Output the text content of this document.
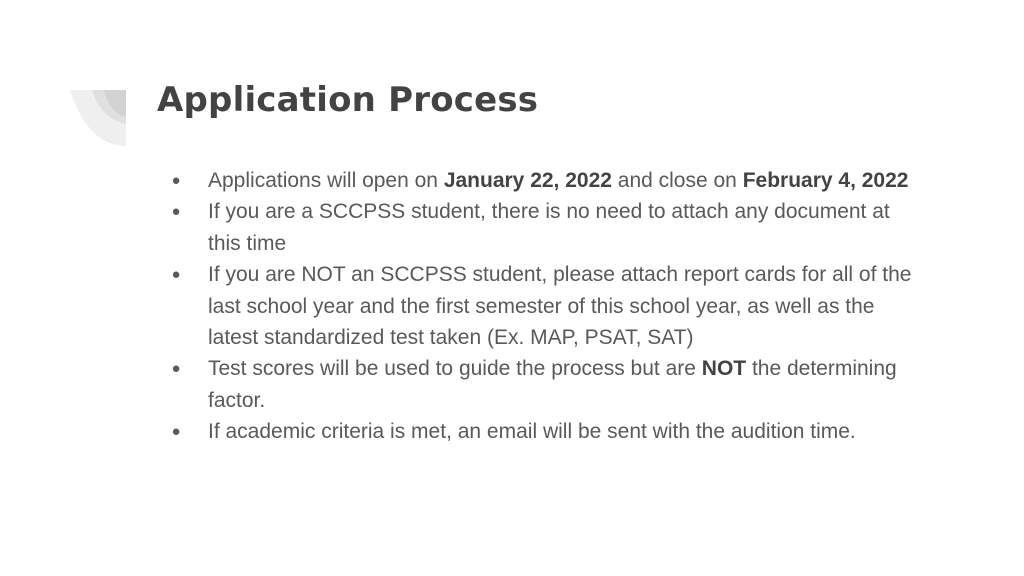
Application Process
● Applications will open on January 22, 2022 and close on February 4, 2022
● If you are a SCCPSS student, there is no need to attach any document at this time
● If you are NOT an SCCPSS student, please attach report cards for all of the last school year and the first semester of this school year, as well as the latest standardized test taken (Ex. MAP, PSAT, SAT)
● Test scores will be used to guide the process but are NOT the determining factor.
● If academic criteria is met, an email will be sent with the audition time.
